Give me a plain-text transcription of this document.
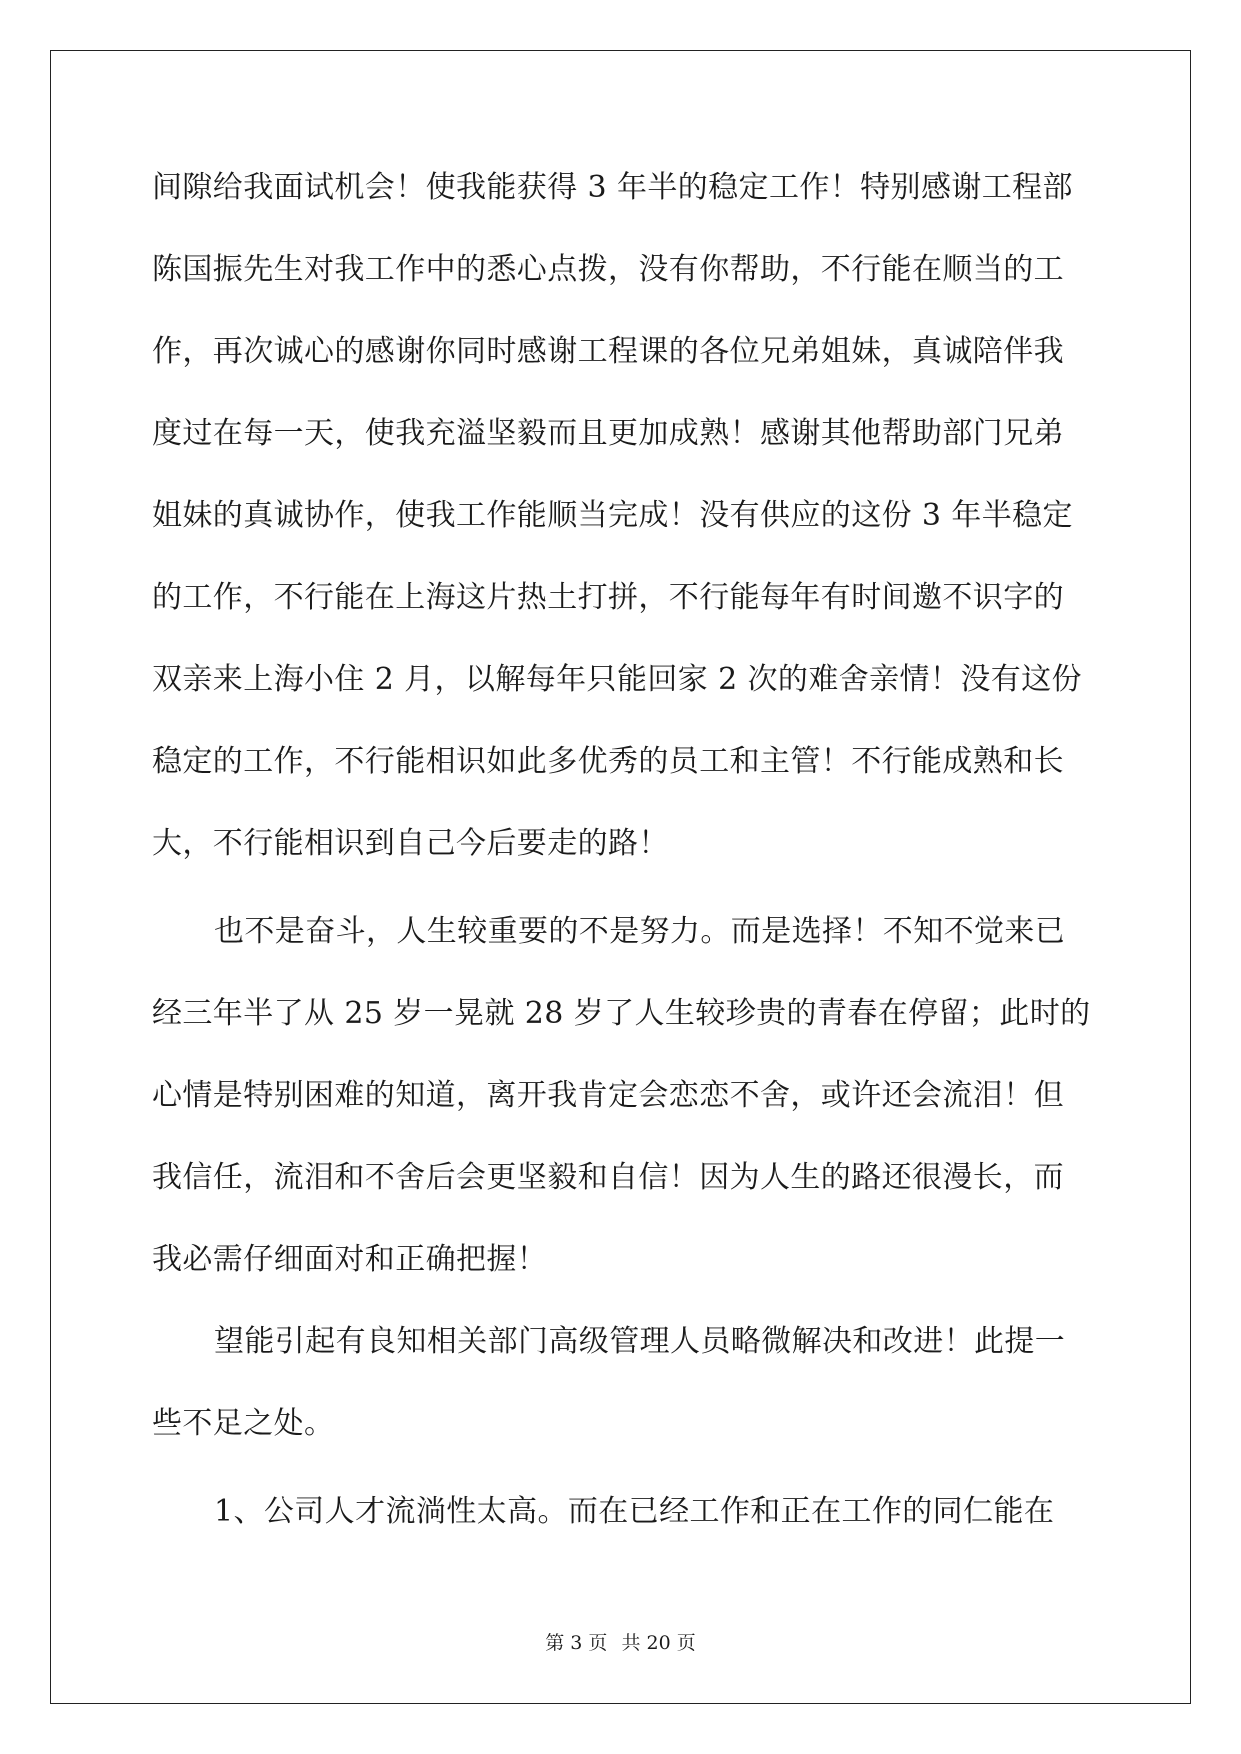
间隙给我面试机会！使我能获得 3 年半的稳定工作！特别感谢工程部
陈国振先生对我工作中的悉心点拨，没有你帮助，不行能在顺当的工
作，再次诚心的感谢你同时感谢工程课的各位兄弟姐妹，真诚陪伴我
度过在每一天，使我充溢坚毅而且更加成熟！感谢其他帮助部门兄弟
姐妹的真诚协作，使我工作能顺当完成！没有供应的这份 3 年半稳定
的工作，不行能在上海这片热土打拼，不行能每年有时间邀不识字的
双亲来上海小住 2 月，以解每年只能回家 2 次的难舍亲情！没有这份
稳定的工作，不行能相识如此多优秀的员工和主管！不行能成熟和长
大，不行能相识到自己今后要走的路！
也不是奋斗，人生较重要的不是努力。而是选择！不知不觉来已
经三年半了从 25 岁一晃就 28 岁了人生较珍贵的青春在停留；此时的
心情是特别困难的知道，离开我肯定会恋恋不舍，或许还会流泪！但
我信任，流泪和不舍后会更坚毅和自信！因为人生的路还很漫长，而
我必需仔细面对和正确把握！
望能引起有良知相关部门高级管理人员略微解决和改进！此提一
些不足之处。
1、公司人才流淌性太高。而在已经工作和正在工作的同仁能在
第 3 页 共 20 页
